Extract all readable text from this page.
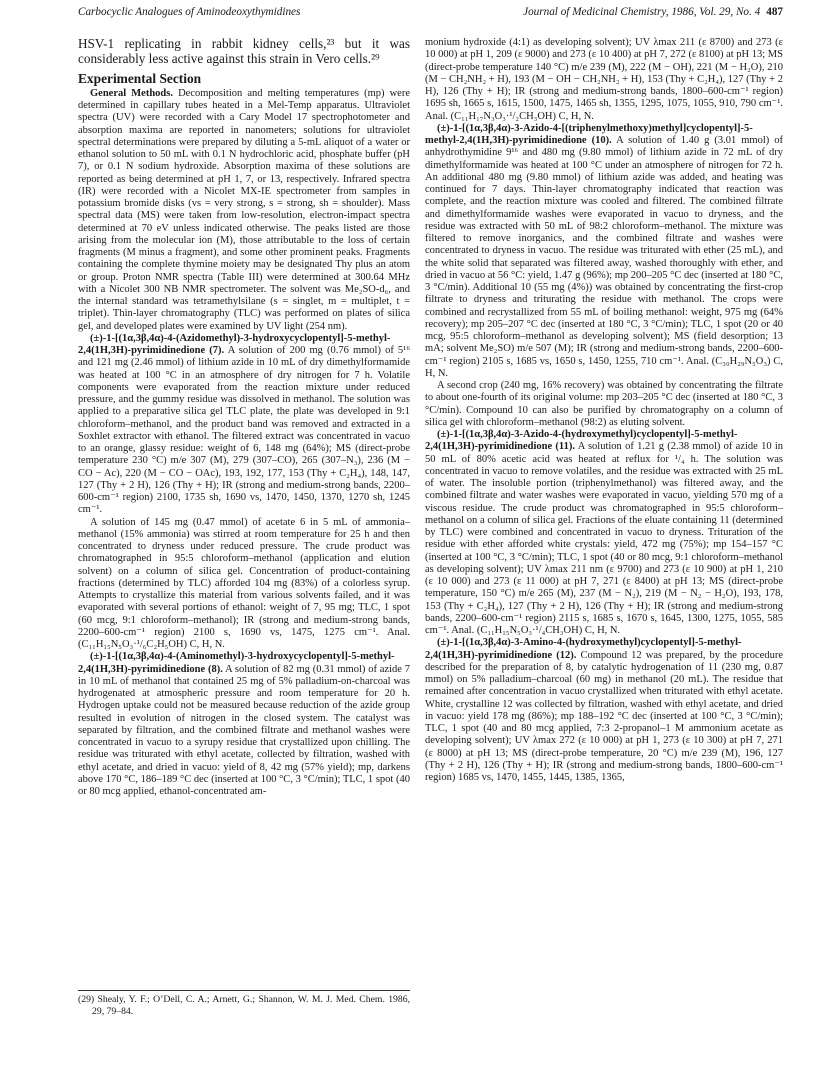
Carbocyclic Analogues of Aminodeoxythymidines	Journal of Medicinal Chemistry, 1986, Vol. 29, No. 4 487

HSV-1 replicating in rabbit kidney cells,²³ but it was considerably less active against this strain in Vero cells.²⁹

Experimental Section

General Methods. Decomposition and melting temperatures (mp) were determined in capillary tubes heated in a Mel-Temp apparatus. Ultraviolet spectra (UV) were recorded with a Cary Model 17 spectrophotometer and absorption maxima are reported in nanometers; solutions for ultraviolet spectral determinations were prepared by diluting a 5-mL aliquot of a water or ethanol solution to 50 mL with 0.1 N hydrochloric acid, phosphate buffer (pH 7), or 0.1 N sodium hydroxide. Absorption maxima of these solutions are reported as being determined at pH 1, 7, or 13, respectively. Infrared spectra (IR) were recorded with a Nicolet MX-IE spectrometer from samples in potassium bromide disks (vs = very strong, s = strong, sh = shoulder). Mass spectral data (MS) were taken from low-resolution, electron-impact spectra determined at 70 eV unless indicated otherwise. The peaks listed are those arising from the molecular ion (M), those attributable to the loss of certain fragments (M minus a fragment), and some other prominent peaks. Fragments containing the complete thymine moiety may be designated Thy plus an atom or group. Proton NMR spectra (Table III) were determined at 300.64 MHz with a Nicolet 300 NB NMR spectrometer. The solvent was Me₂SO-d₆, and the internal standard was tetramethylsilane (s = singlet, m = multiplet, t = triplet). Thin-layer chromatography (TLC) was performed on plates of silica gel, and developed plates were examined by UV light (254 nm).

(±)-1-[(1α,3β,4α)-4-(Azidomethyl)-3-hydroxycyclopentyl]-5-methyl-2,4(1H,3H)-pyrimidinedione (7). A solution of 200 mg (0.76 mmol) of 5¹⁶ and 121 mg (2.46 mmol) of lithium azide in 10 mL of dry dimethylformamide was heated at 100 °C in an atmosphere of dry nitrogen for 7 h. Volatile components were evaporated from the reaction mixture under reduced pressure, and the gummy residue was dissolved in methanol. The solution was applied to a preparative silica gel TLC plate, the plate was developed in 9:1 chloroform–methanol, and the product band was removed and extracted in a Soxhlet extractor with ethanol. The filtered extract was concentrated in vacuo to an orange, glassy residue: weight of 6, 148 mg (64%); MS (direct-probe temperature 230 °C) m/e 307 (M), 279 (307–CO), 265 (307–N₃), 236 (M − CO − Ac), 220 (M − CO − OAc), 193, 192, 177, 153 (Thy + C₂H₄), 148, 147, 127 (Thy + 2 H), 126 (Thy + H); IR (strong and medium-strong bands, 2200–600-cm⁻¹ region) 2100, 1735 sh, 1690 vs, 1470, 1450, 1370, 1270 sh, 1245 cm⁻¹.

A solution of 145 mg (0.47 mmol) of acetate 6 in 5 mL of ammonia–methanol (15% ammonia) was stirred at room temperature for 25 h and then concentrated to dryness under reduced pressure. The crude product was chromatographed in 95:5 chloroform–methanol (application and elution solvent) on a column of silica gel. Concentration of product-containing fractions (determined by TLC) afforded 104 mg (83%) of a colorless syrup. Attempts to crystallize this material from various solvents failed, and it was evaporated with several portions of ethanol: weight of 7, 95 mg; TLC, 1 spot (60 mcg, 9:1 chloroform–methanol); IR (strong and medium-strong bands, 2200–600-cm⁻¹ region) 2100 s, 1690 vs, 1475, 1275 cm⁻¹. Anal. (C₁₁H₁₅N₅O₃·¹/₆C₂H₅OH) C, H, N.

(±)-1-[(1α,3β,4α)-4-(Aminomethyl)-3-hydroxycyclopentyl]-5-methyl-2,4(1H,3H)-pyrimidinedione (8). A solution of 82 mg (0.31 mmol) of azide 7 in 10 mL of methanol that contained 25 mg of 5% palladium-on-charcoal was hydrogenated at atmospheric pressure and room temperature for 20 h. Hydrogen uptake could not be measured because reduction of the azide group resulted in evolution of nitrogen in the closed system. The catalyst was separated by filtration, and the combined filtrate and methanol washes were concentrated in vacuo to a syrupy residue that crystallized upon chilling. The residue was triturated with ethyl acetate, collected by filtration, washed with ethyl acetate, and dried in vacuo: yield of 8, 42 mg (57% yield); mp, darkens above 170 °C, 186–189 °C dec (inserted at 100 °C, 3 °C/min); TLC, 1 spot (40 or 80 mcg applied, ethanol-concentrated am-

(29) Shealy, Y. F.; O’Dell, C. A.; Arnett, G.; Shannon, W. M. J. Med. Chem. 1986, 29, 79–84.

monium hydroxide (4:1) as developing solvent); UV λmax 211 (ε 8700) and 273 (ε 10 000) at pH 1, 209 (ε 9000) and 273 (ε 10 400) at pH 7, 272 (ε 8100) at pH 13; MS (direct-probe temperature 140 °C) m/e 239 (M), 222 (M − OH), 221 (M − H₂O), 210 (M − CH₂NH₂ + H), 193 (M − OH − CH₂NH₂ + H), 153 (Thy + C₂H₄), 127 (Thy + 2 H), 126 (Thy + H); IR (strong and medium-strong bands, 1800–600-cm⁻¹ region) 1695 sh, 1665 s, 1615, 1500, 1475, 1465 sh, 1355, 1295, 1075, 1055, 910, 790 cm⁻¹. Anal. (C₁₁H₁₇N₃O₃·¹/₂CH₃OH) C, H, N.

(±)-1-[(1α,3β,4α)-3-Azido-4-[(triphenylmethoxy)methyl]cyclopentyl]-5-methyl-2,4(1H,3H)-pyrimidinedione (10). A solution of 1.40 g (3.01 mmol) of anhydrothymidine 9¹⁶ and 480 mg (9.80 mmol) of lithium azide in 72 mL of dry dimethylformamide was heated at 100 °C under an atmosphere of nitrogen for 72 h. An additional 480 mg (9.80 mmol) of lithium azide was added, and heating was continued for 7 days. Thin-layer chromatography indicated that reaction was complete, and the reaction mixture was cooled and filtered. The combined filtrate and dimethylformamide washes were evaporated in vacuo to dryness, and the residue was extracted with 50 mL of 98:2 chloroform–methanol. The mixture was filtered to remove inorganics, and the combined filtrate and washes were concentrated to dryness in vacuo. The residue was triturated with ether (25 mL), and the white solid that separated was filtered away, washed thoroughly with ether, and dried in vacuo at 56 °C: yield, 1.47 g (96%); mp 200–205 °C dec (inserted at 180 °C, 3 °C/min). Additional 10 (55 mg (4%)) was obtained by concentrating the first-crop filtrate to dryness and triturating the residue with methanol. The crops were combined and recrystallized from 55 mL of boiling methanol: weight, 975 mg (64% recovery); mp 205–207 °C dec (inserted at 180 °C, 3 °C/min); TLC, 1 spot (20 or 40 mcg, 95:5 chloroform–methanol as developing solvent); MS (field desorption; 13 mA; solvent Me₂SO) m/e 507 (M); IR (strong and medium-strong bands, 2200–600-cm⁻¹ region) 2105 s, 1685 vs, 1650 s, 1450, 1255, 710 cm⁻¹. Anal. (C₃₀H₂₉N₅O₃) C, H, N.

A second crop (240 mg, 16% recovery) was obtained by concentrating the filtrate to about one-fourth of its original volume: mp 203–205 °C dec (inserted at 180 °C, 3 °C/min). Compound 10 can also be purified by chromatography on a column of silica gel with chloroform–methanol (98:2) as eluting solvent.

(±)-1-[(1α,3β,4α)-3-Azido-4-(hydroxymethyl)cyclopentyl]-5-methyl-2,4(1H,3H)-pyrimidinedione (11). A solution of 1.21 g (2.38 mmol) of azide 10 in 50 mL of 80% acetic acid was heated at reflux for ¹/₄ h. The solution was concentrated in vacuo to remove volatiles, and the residue was extracted with 25 mL of water. The insoluble portion (triphenylmethanol) was filtered away, and the combined filtrate and water washes were evaporated in vacuo, yielding 570 mg of a viscous residue. The crude product was chromatographed in 95:5 chloroform–methanol on a column of silica gel. Fractions of the eluate containing 11 (determined by TLC) were combined and concentrated in vacuo to dryness. Trituration of the residue with ether afforded white crystals: yield, 472 mg (75%); mp 154–157 °C (inserted at 100 °C, 3 °C/min); TLC, 1 spot (40 or 80 mcg, 9:1 chloroform–methanol as developing solvent); UV λmax 211 nm (ε 9700) and 273 (ε 10 900) at pH 1, 210 (ε 10 000) and 273 (ε 11 000) at pH 7, 271 (ε 8400) at pH 13; MS (direct-probe temperature, 150 °C) m/e 265 (M), 237 (M − N₂), 219 (M − N₂ − H₂O), 193, 178, 153 (Thy + C₂H₄), 127 (Thy + 2 H), 126 (Thy + H); IR (strong and medium-strong bands, 2200–600-cm⁻¹ region) 2115 s, 1685 s, 1670 s, 1645, 1300, 1275, 1055, 585 cm⁻¹. Anal. (C₁₁H₁₅N₅O₃·¹/₄CH₃OH) C, H, N.

(±)-1-[(1α,3β,4α)-3-Amino-4-(hydroxymethyl)cyclopentyl]-5-methyl-2,4(1H,3H)-pyrimidinedione (12). Compound 12 was prepared, by the procedure described for the preparation of 8, by catalytic hydrogenation of 11 (230 mg, 0.87 mmol) on 5% palladium–charcoal (60 mg) in methanol (20 mL). The residue that remained after concentration in vacuo crystallized when triturated with ethyl acetate. White, crystalline 12 was collected by filtration, washed with ethyl acetate, and dried in vacuo: yield 178 mg (86%); mp 188–192 °C dec (inserted at 100 °C, 3 °C/min); TLC, 1 spot (40 and 80 mcg applied, 7:3 2-propanol–1 M ammonium acetate as developing solvent); UV λmax 272 (ε 10 000) at pH 1, 273 (ε 10 300) at pH 7, 271 (ε 8000) at pH 13; MS (direct-probe temperature, 20 °C) m/e 239 (M), 196, 127 (Thy + 2 H), 126 (Thy + H); IR (strong and medium-strong bands, 1800–600-cm⁻¹ region) 1685 vs, 1470, 1455, 1445, 1385, 1365,
